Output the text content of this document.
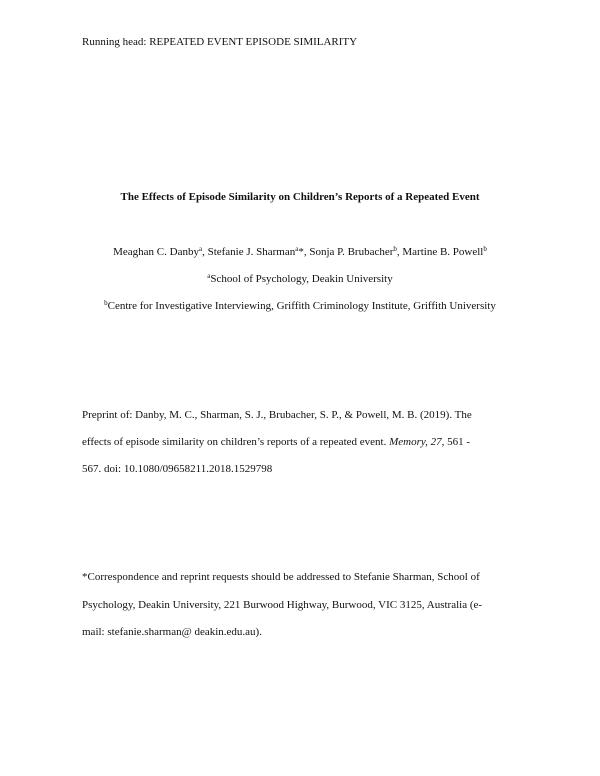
Running head: REPEATED EVENT EPISODE SIMILARITY
The Effects of Episode Similarity on Children’s Reports of a Repeated Event
Meaghan C. Danby$^a$, Stefanie J. Sharman$^a$*, Sonja P. Brubacher$^b$, Martine B. Powell$^b$
$^a$School of Psychology, Deakin University
$^b$Centre for Investigative Interviewing, Griffith Criminology Institute, Griffith University
Preprint of: Danby, M. C., Sharman, S. J., Brubacher, S. P., & Powell, M. B. (2019). The
effects of episode similarity on children’s reports of a repeated event. Memory, 27, 561 -
567. doi: 10.1080/09658211.2018.1529798
*Correspondence and reprint requests should be addressed to Stefanie Sharman, School of
Psychology, Deakin University, 221 Burwood Highway, Burwood, VIC 3125, Australia (e-
mail: stefanie.sharman@ deakin.edu.au).
